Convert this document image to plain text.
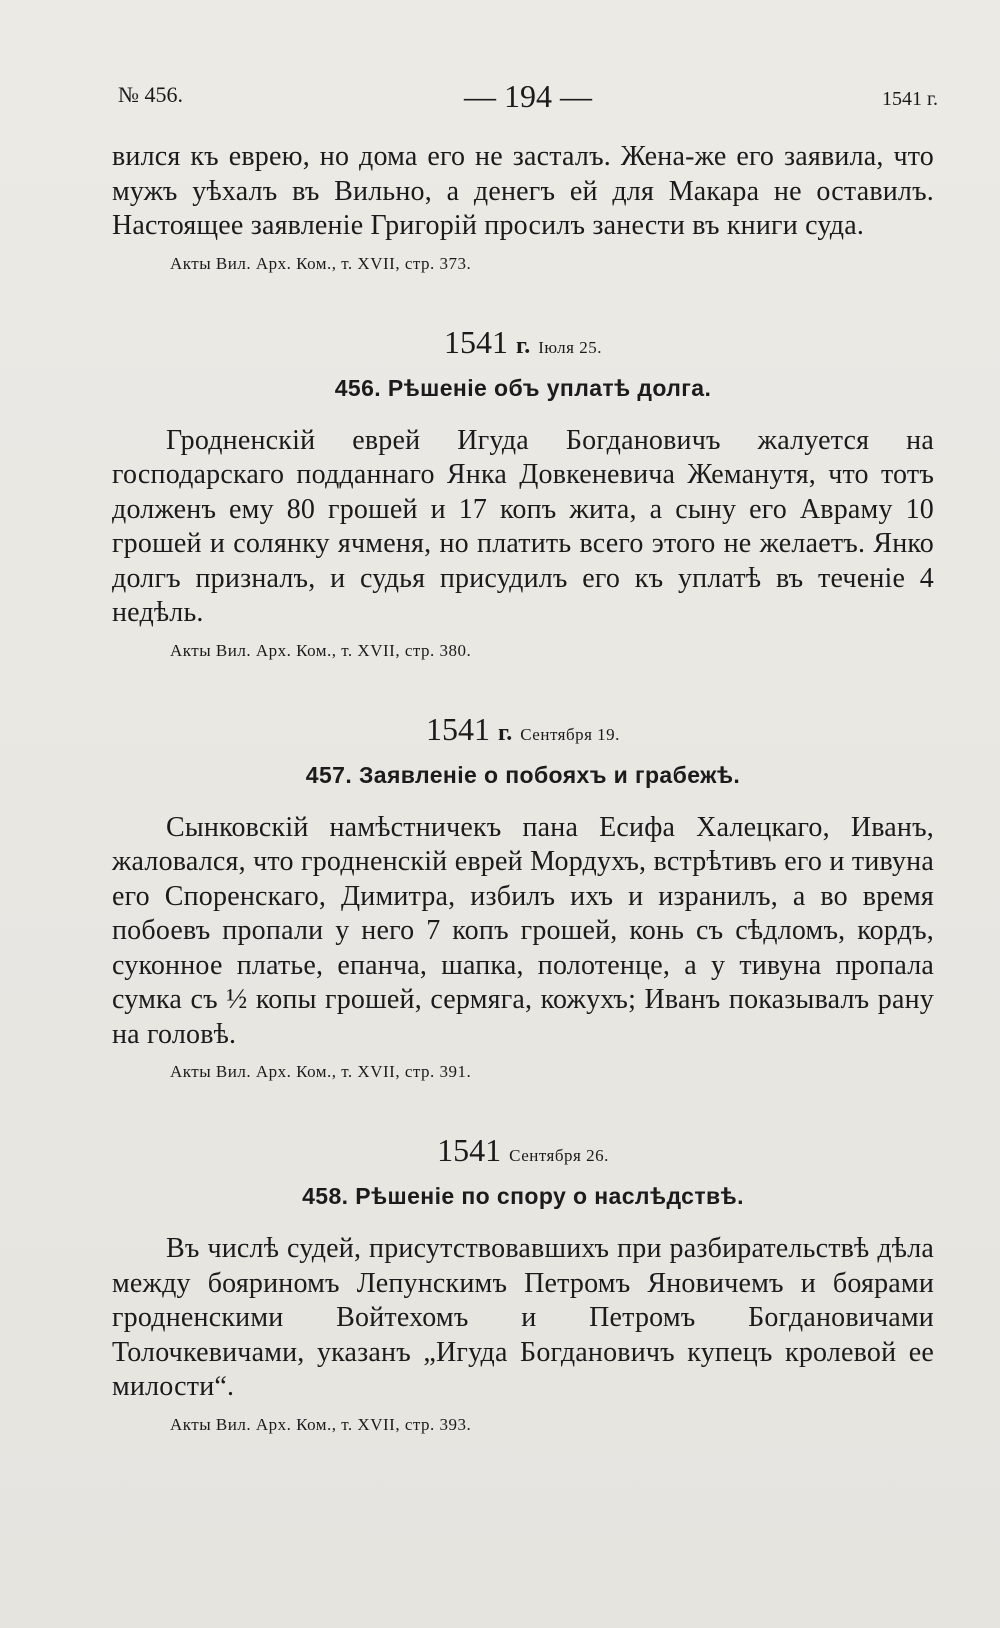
№ 456.	— 194 —	1541 г.

вился къ еврею, но дома его не засталъ. Жена-же его заявила, что мужъ уѣхалъ въ Вильно, а денегъ ей для Макара не оставилъ. Настоящее заявленіе Григорій просилъ занести въ книги суда.

Акты Вил. Арх. Ком., т. XVII, стр. 373.
1541 г. Іюля 25.
456. Рѣшеніе объ уплатѣ долга.

Гродненскій еврей Игуда Богдановичъ жалуется на господарскаго подданнаго Янка Довкеневича Жеманутя, что тотъ долженъ ему 80 грошей и 17 копъ жита, а сыну его Авраму 10 грошей и солянку ячменя, но платить всего этого не желаетъ. Янко долгъ призналъ, и судья присудилъ его къ уплатѣ въ теченіе 4 недѣль.

Акты Вил. Арх. Ком., т. XVII, стр. 380.
1541 г. Сентября 19.
457. Заявленіе о побояхъ и грабежѣ.

Сынковскій намѣстничекъ пана Есифа Халецкаго, Иванъ, жаловался, что гродненскій еврей Мордухъ, встрѣтивъ его и тивуна его Споренскаго, Димитра, избилъ ихъ и изранилъ, а во время побоевъ пропали у него 7 копъ грошей, конь съ сѣдломъ, кордъ, суконное платье, епанча, шапка, полотенце, а у тивуна пропала сумка съ ½ копы грошей, сермяга, кожухъ; Иванъ показывалъ рану на головѣ.

Акты Вил. Арх. Ком., т. XVII, стр. 391.
1541 Сентября 26.
458. Рѣшеніе по спору о наслѣдствѣ.

Въ числѣ судей, присутствовавшихъ при разбирательствѣ дѣла между бояриномъ Лепунскимъ Петромъ Яновичемъ и боярами гродненскими Войтехомъ и Петромъ Богдановичами Толочкевичами, указанъ „Игуда Богдановичъ купецъ кролевой ее милости“.

Акты Вил. Арх. Ком., т. XVII, стр. 393.
